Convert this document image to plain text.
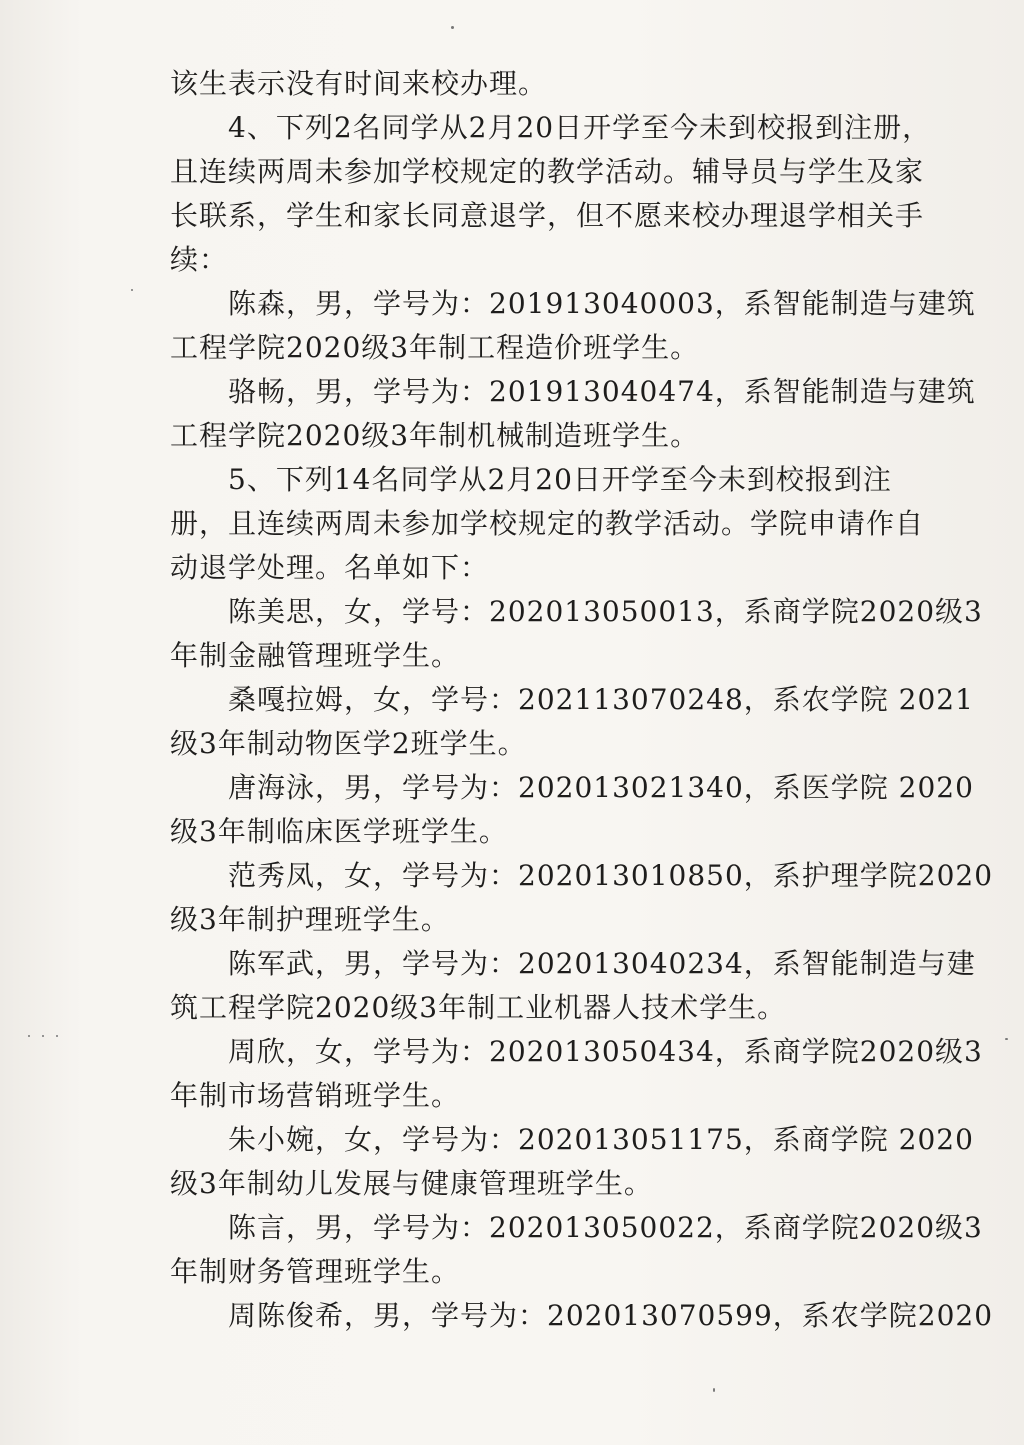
该生表示没有时间来校办理。
4、下列2名同学从2月20日开学至今未到校报到注册，
且连续两周未参加学校规定的教学活动。辅导员与学生及家
长联系，学生和家长同意退学，但不愿来校办理退学相关手
续：
陈森，男，学号为：201913040003，系智能制造与建筑
工程学院2020级3年制工程造价班学生。
骆畅，男，学号为：201913040474，系智能制造与建筑
工程学院2020级3年制机械制造班学生。
5、下列14名同学从2月20日开学至今未到校报到注
册，且连续两周未参加学校规定的教学活动。学院申请作自
动退学处理。名单如下：
陈美思，女，学号：202013050013，系商学院2020级3
年制金融管理班学生。
桑嘎拉姆，女，学号：202113070248，系农学院 2021
级3年制动物医学2班学生。
唐海泳，男，学号为：202013021340，系医学院 2020
级3年制临床医学班学生。
范秀凤，女，学号为：202013010850，系护理学院2020
级3年制护理班学生。
陈军武，男，学号为：202013040234，系智能制造与建
筑工程学院2020级3年制工业机器人技术学生。
周欣，女，学号为：202013050434，系商学院2020级3
年制市场营销班学生。
朱小婉，女，学号为：202013051175，系商学院 2020
级3年制幼儿发展与健康管理班学生。
陈言，男，学号为：202013050022，系商学院2020级3
年制财务管理班学生。
周陈俊希，男，学号为：202013070599，系农学院2020
